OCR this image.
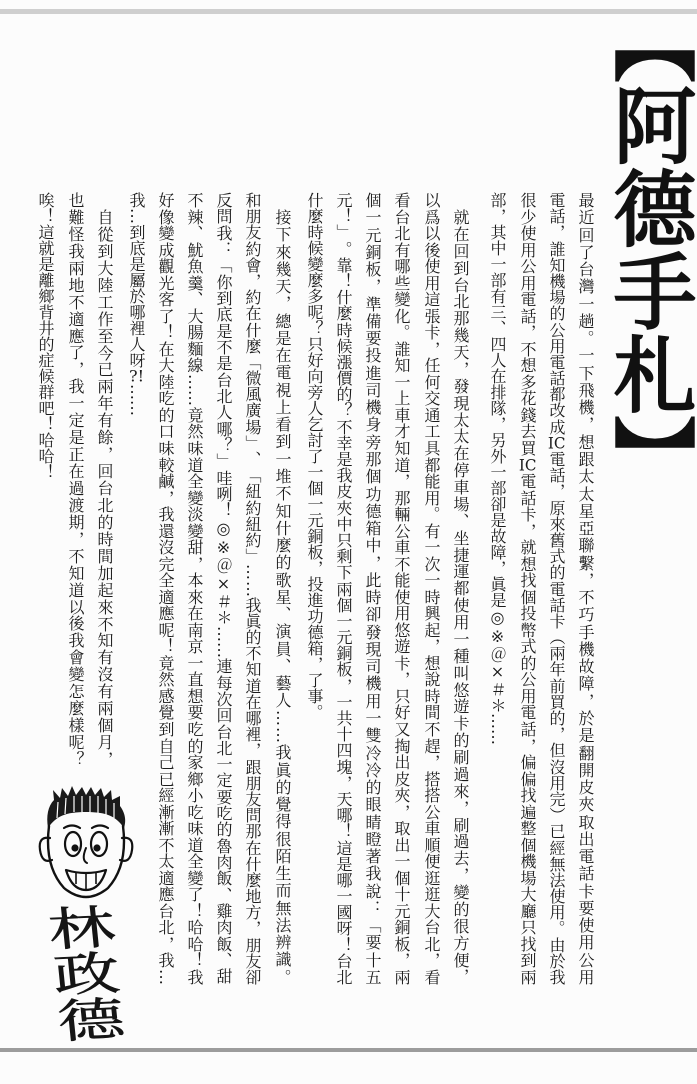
【阿德手札】
最
近
回
了
台
灣
一
趟
。
一
下
飛
機
，
想
跟
太
太
星
亞
聯
繫
，
不
巧
手
機
故
障
，
於
是
翻
開
皮
夾
取
出
電
話
卡
要
使
用
公
用
電
話
，
誰
知
機
場
的
公
用
電
話
都
改
成
IC
電
話
，
原
來
舊
式
的
電
話
卡
（
兩
年
前
買
的
，
但
沒
用
完
）
已
經
無
法
使
用
。
由
於
我
很
少
使
用
公
用
電
話
，
不
想
多
花
錢
去
買
IC
電
話
卡
，
就
想
找
個
投
幣
式
的
公
用
電
話
，
偏
偏
找
遍
整
個
機
場
大
廳
只
找
到
兩
部
，
其
中
一
部
有
三
、
四
人
在
排
隊
，
另
外
一
部
卻
是
故
障
，
眞
是
◎
※
＠
×
＃
＊
…
…
就
在
回
到
台
北
那
幾
天
，
發
現
太
太
在
停
車
場
、
坐
捷
運
都
使
用
一
種
叫
悠
遊
卡
的
刷
過
來
，
刷
過
去
，
變
的
很
方
便
，
以
爲
以
後
使
用
這
張
卡
，
任
何
交
通
工
具
都
能
用
。
有
一
次
一
時
興
起
，
想
說
時
間
不
趕
，
搭
搭
公
車
順
便
逛
逛
大
台
北
，
看
看
台
北
有
哪
些
變
化
。
誰
知
一
上
車
才
知
道
，
那
輛
公
車
不
能
使
用
悠
遊
卡
，
只
好
又
掏
出
皮
夾
，
取
出
一
個
十
元
銅
板
，
兩
個
一
元
銅
板
，
準
備
要
投
進
司
機
身
旁
那
個
功
德
箱
中
，
此
時
卻
發
現
司
機
用
一
雙
冷
冷
的
眼
睛
瞪
著
我
說
：
「
要
十
五
元
！
」
。
靠
！
什
麼
時
候
漲
價
的
？
不
幸
是
我
皮
夾
中
只
剩
下
兩
個
一
元
銅
板
，
一
共
十
四
塊
，
天
哪
！
這
是
哪
一
國
呀
！
台
北
什
麼
時
候
變
麼
多
呢
？
只
好
向
旁
人
乞
討
了
一
個
一
元
銅
板
，
投
進
功
德
箱
，
了
事
。
接
下
來
幾
天
，
總
是
在
電
視
上
看
到
一
堆
不
知
什
麼
的
歌
星
、
演
員
、
藝
人
…
…
我
眞
的
覺
得
很
陌
生
而
無
法
辨
識
。
和
朋
友
約
會
，
約
在
什
麼
「
微
風
廣
場
」
、
「
紐
約
紐
約
」
…
…
我
眞
的
不
知
道
在
哪
裡
，
跟
朋
友
問
那
在
什
麼
地
方
，
朋
友
卻
反
問
我
：
「
你
到
底
是
不
是
台
北
人
哪
？
」
哇
咧
！
◎
※
＠
×
＃
＊
…
…
連
每
次
回
台
北
一
定
要
吃
的
魯
肉
飯
、
雞
肉
飯
、
甜
不
辣
、
魷
魚
羹
、
大
腸
麵
線
…
…
竟
然
味
道
全
變
淡
變
甜
，
本
來
在
南
京
一
直
想
要
吃
的
家
鄉
小
吃
味
道
全
變
了
！
哈
哈
！
我
好
像
變
成
觀
光
客
了
！
在
大
陸
吃
的
口
味
較
鹹
，
我
還
沒
完
全
適
應
呢
！
竟
然
感
覺
到
自
己
已
經
漸
漸
不
太
適
應
台
北
，
我
…
我
…
到
底
是
屬
於
哪
裡
人
呀
?!
…
…
自
從
到
大
陸
工
作
至
今
已
兩
年
有
餘
，
回
台
北
的
時
間
加
起
來
不
知
有
沒
有
兩
個
月
，
也
難
怪
我
兩
地
不
適
應
了
，
我
一
定
是
正
在
過
渡
期
，
不
知
道
以
後
我
會
變
怎
麼
樣
呢
？
唉
！
這
就
是
離
鄉
背
井
的
症
候
群
吧
！
哈
哈
！
林政德
